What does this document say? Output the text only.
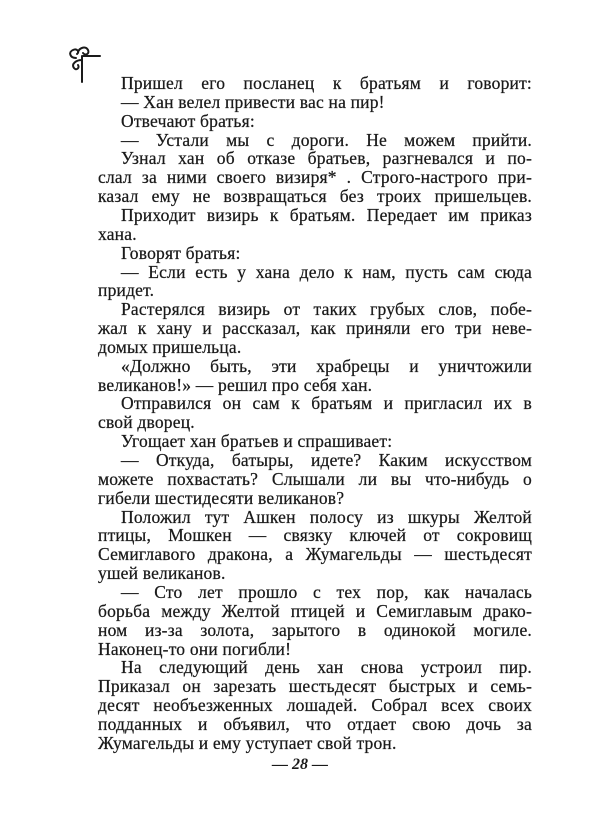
Пришел его посланец к братьям и говорит:
— Хан велел привести вас на пир!
Отвечают братья:
— Устали мы с дороги. Не можем прийти.
Узнал хан об отказе братьев, разгневался и по-
слал за ними своего визиря* . Строго-настрого при-
казал ему не возвращаться без троих пришельцев.
Приходит визирь к братьям. Передает им приказ
хана.
Говорят братья:
— Если есть у хана дело к нам, пусть сам сюда
придет.
Растерялся визирь от таких грубых слов, побе-
жал к хану и рассказал, как приняли его три неве-
домых пришельца.
«Должно быть, эти храбрецы и уничтожили
великанов!» — решил про себя хан.
Отправился он сам к братьям и пригласил их в
свой дворец.
Угощает хан братьев и спрашивает:
— Откуда, батыры, идете? Каким искусством
можете похвастать? Слышали ли вы что-нибудь о
гибели шестидесяти великанов?
Положил тут Ашкен полосу из шкуры Желтой
птицы, Мошкен — связку ключей от сокровищ
Семиглавого дракона, а Жумагельды — шестьдесят
ушей великанов.
— Сто лет прошло с тех пор, как началась
борьба между Желтой птицей и Семиглавым драко-
ном из-за золота, зарытого в одинокой могиле.
Наконец-то они погибли!
На следующий день хан снова устроил пир.
Приказал он зарезать шестьдесят быстрых и семь-
десят необъезженных лошадей. Собрал всех своих
подданных и объявил, что отдает свою дочь за
Жумагельды и ему уступает свой трон.
— 28 —
